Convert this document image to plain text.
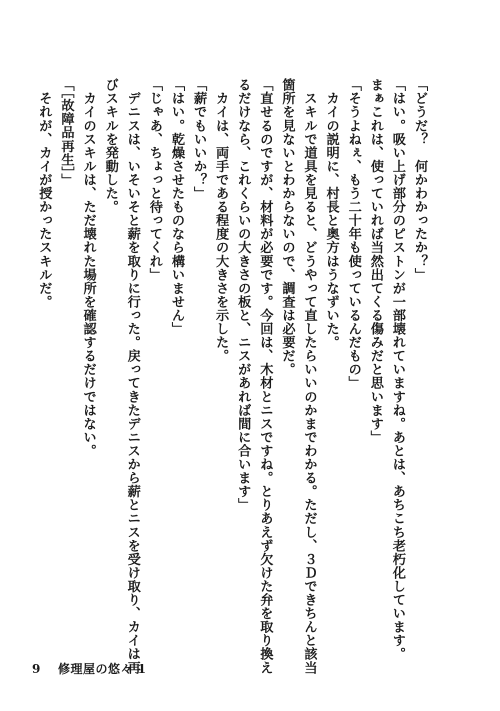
「どうだ？　何かわかったか？」
「はい。吸い上げ部分のピストンが一部壊れていますね。あとは、あちこち老朽化しています。
まぁこれは、使っていれば当然出てくる傷みだと思います」
「そうよねぇ、もう二十年も使っているんだもの」
　カイの説明に、村長と奥方はうなずいた。
　スキルで道具を見ると、どうやって直したらいいのかまでわかる。ただし、３Ｄできちんと該当
箇所を見ないとわからないので、調査は必要だ。
「直せるのですが、材料が必要です。今回は、木材とニスですね。とりあえず欠けた弁を取り換え
るだけなら、これくらいの大きさの板と、ニスがあれば間に合います」
　カイは、両手である程度の大きさを示した。
「薪でもいいか？」
「はい。乾燥させたものなら構いません」
「じゃあ、ちょっと待ってくれ」
　デニスは、いそいそと薪を取りに行った。戻ってきたデニスから薪とニスを受け取り、カイは再
びスキルを発動した。
　カイのスキルは、ただ壊れた場所を確認するだけではない。
「［故障品再生］」
　それが、カイが授かったスキルだ。
9 修理屋の悠々 1
